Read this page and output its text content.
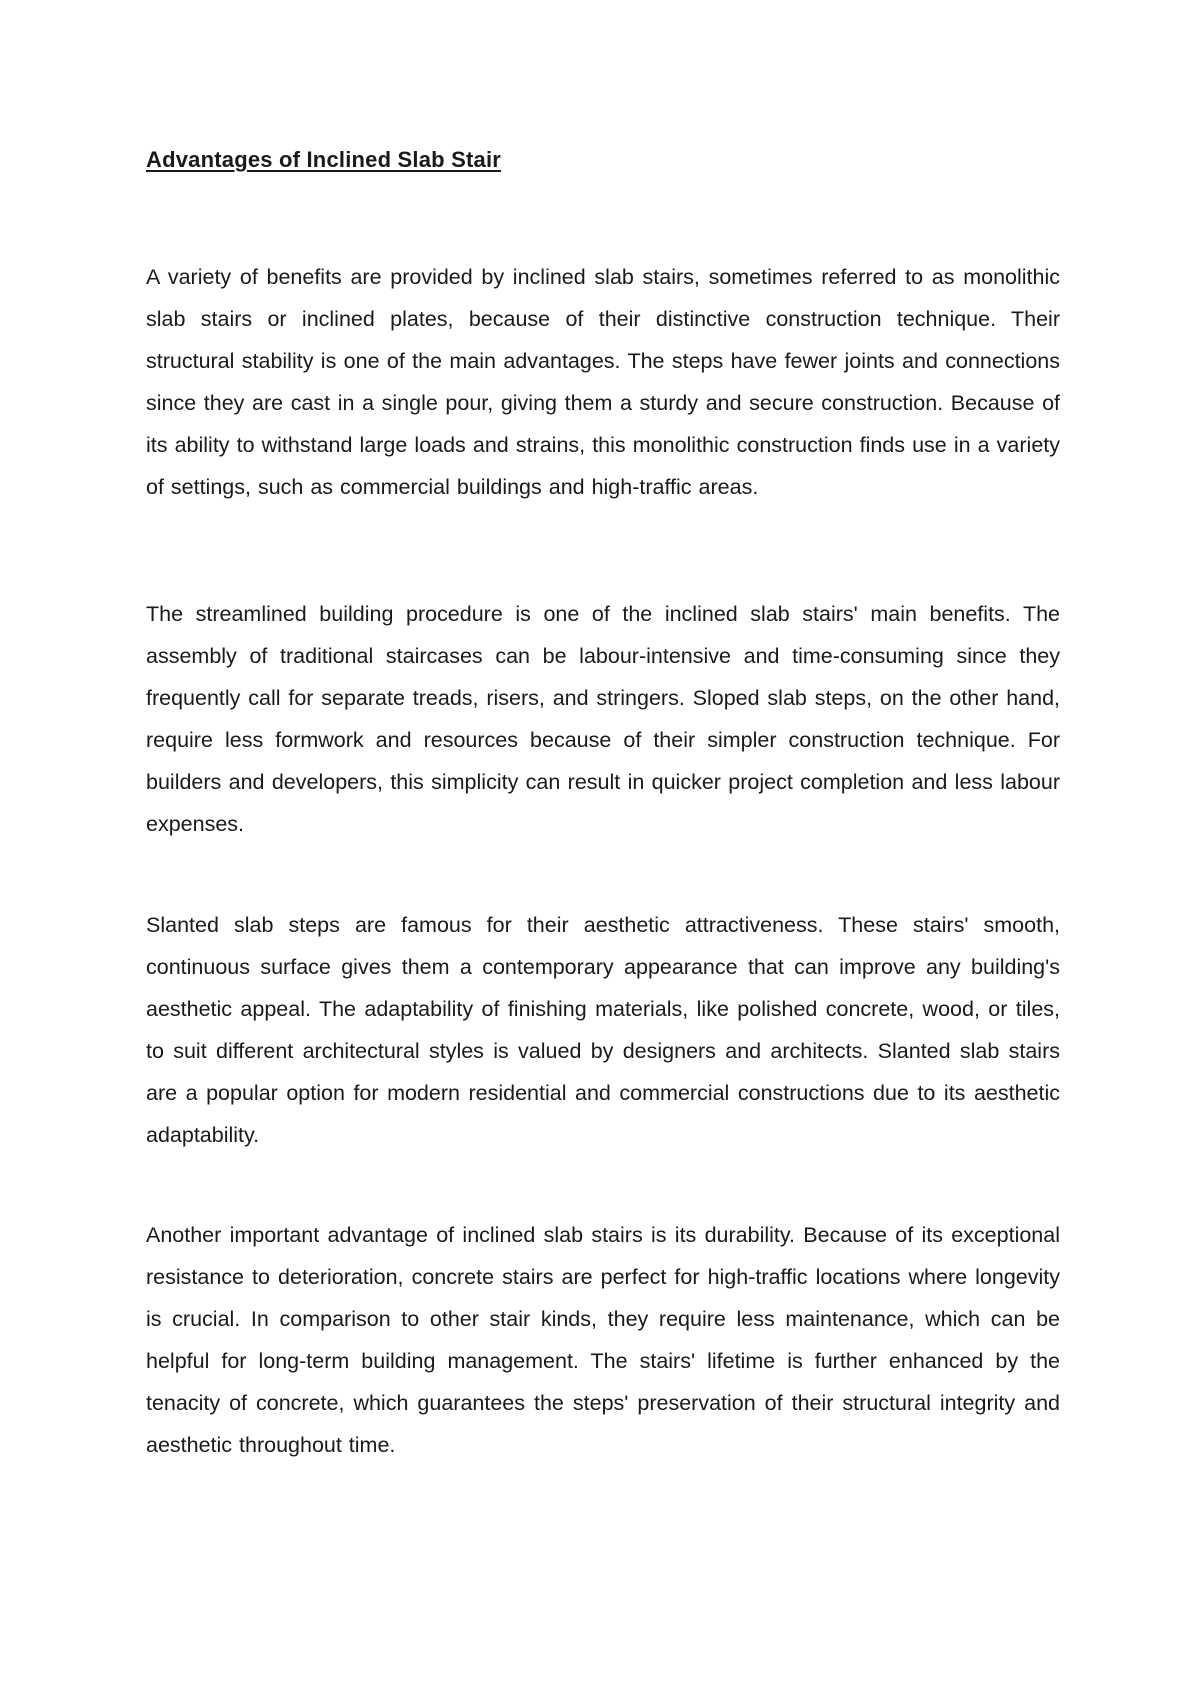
Advantages of Inclined Slab Stair

A variety of benefits are provided by inclined slab stairs, sometimes referred to as monolithic slab stairs or inclined plates, because of their distinctive construction technique. Their structural stability is one of the main advantages. The steps have fewer joints and connections since they are cast in a single pour, giving them a sturdy and secure construction. Because of its ability to withstand large loads and strains, this monolithic construction finds use in a variety of settings, such as commercial buildings and high-traffic areas.

The streamlined building procedure is one of the inclined slab stairs' main benefits. The assembly of traditional staircases can be labour-intensive and time-consuming since they frequently call for separate treads, risers, and stringers. Sloped slab steps, on the other hand, require less formwork and resources because of their simpler construction technique. For builders and developers, this simplicity can result in quicker project completion and less labour expenses.

Slanted slab steps are famous for their aesthetic attractiveness. These stairs' smooth, continuous surface gives them a contemporary appearance that can improve any building's aesthetic appeal. The adaptability of finishing materials, like polished concrete, wood, or tiles, to suit different architectural styles is valued by designers and architects. Slanted slab stairs are a popular option for modern residential and commercial constructions due to its aesthetic adaptability.

Another important advantage of inclined slab stairs is its durability. Because of its exceptional resistance to deterioration, concrete stairs are perfect for high-traffic locations where longevity is crucial. In comparison to other stair kinds, they require less maintenance, which can be helpful for long-term building management. The stairs' lifetime is further enhanced by the tenacity of concrete, which guarantees the steps' preservation of their structural integrity and aesthetic throughout time.
